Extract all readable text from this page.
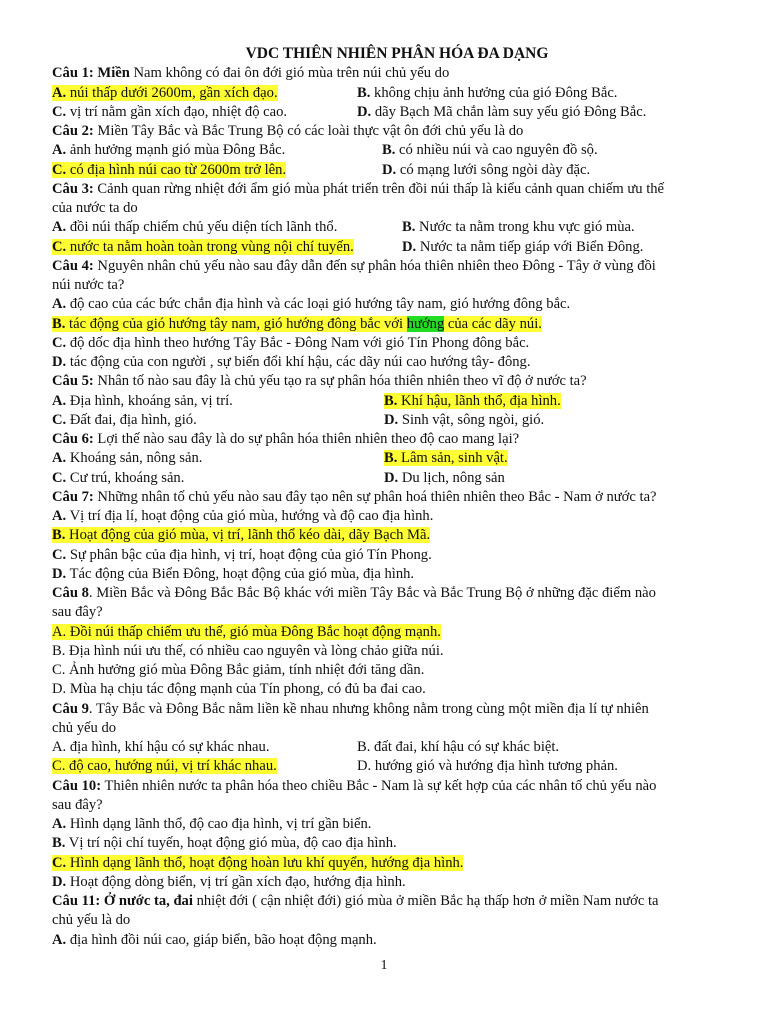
VDC THIÊN NHIÊN PHÂN HÓA ĐA DẠNG
Câu 1: Miền Nam không có đai ôn đới gió mùa trên núi chủ yếu do
A. núi thấp dưới 2600m, gần xích đạo.	B. không chịu ảnh hưởng của gió Đông Bắc.
C. vị trí nằm gần xích đạo, nhiệt độ cao.	D. dãy Bạch Mã chắn làm suy yếu gió Đông Bắc.
Câu 2: Miền Tây Bắc và Bắc Trung Bộ có các loài thực vật ôn đới chủ yếu là do
A. ảnh hưởng mạnh gió mùa Đông Bắc.	B. có nhiều núi và cao nguyên đồ sộ.
C. có địa hình núi cao từ 2600m trở lên.	D. có mạng lưới sông ngòi dày đặc.
Câu 3: Cảnh quan rừng nhiệt đới ẩm gió mùa phát triển trên đồi núi thấp là kiểu cảnh quan chiếm ưu thế
của nước ta do
A. đồi núi thấp chiếm chủ yếu diện tích lãnh thổ.	B. Nước ta nằm trong khu vực gió mùa.
C. nước ta nằm hoàn toàn trong vùng nội chí tuyến.	D. Nước ta nằm tiếp giáp với Biển Đông.
Câu 4: Nguyên nhân chủ yếu nào sau đây dẫn đến sự phân hóa thiên nhiên theo Đông - Tây ở vùng đồi
núi nước ta?
A. độ cao của các bức chắn địa hình và các loại gió hướng tây nam, gió hướng đông bắc.
B. tác động của gió hướng tây nam, gió hướng đông bắc với hướng của các dãy núi.
C. độ dốc địa hình theo hướng Tây Bắc - Đông Nam với gió Tín Phong đông bắc.
D. tác động của con người , sự biến đổi khí hậu, các dãy núi cao hướng tây- đông.
Câu 5: Nhân tố nào sau đây là chủ yếu tạo ra sự phân hóa thiên nhiên theo vĩ độ ở nước ta?
A. Địa hình, khoáng sản, vị trí.	B. Khí hậu, lãnh thổ, địa hình.
C. Đất đai, địa hình, gió.	D. Sinh vật, sông ngòi, gió.
Câu 6: Lợi thế nào sau đây là do sự phân hóa thiên nhiên theo độ cao mang lại?
A. Khoáng sản, nông sản.	B. Lâm sản, sinh vật.
C. Cư trú, khoáng sản.	D. Du lịch, nông sản
Câu 7: Những nhân tố chủ yếu nào sau đây tạo nên sự phân hoá thiên nhiên theo Bắc - Nam ở nước ta?
A. Vị trí địa lí, hoạt động của gió mùa, hướng và độ cao địa hình.
B. Hoạt động của gió mùa, vị trí, lãnh thổ kéo dài, dãy Bạch Mã.
C. Sự phân bậc của địa hình, vị trí, hoạt động của gió Tín Phong.
D. Tác động của Biển Đông, hoạt động của gió mùa, địa hình.
Câu 8. Miền Bắc và Đông Bắc Bắc Bộ khác với miền Tây Bắc và Bắc Trung Bộ ở những đặc điểm nào
sau đây?
A. Đồi núi thấp chiếm ưu thế, gió mùa Đông Bắc hoạt động mạnh.
B. Địa hình núi ưu thế, có nhiều cao nguyên và lòng chảo giữa núi.
C. Ảnh hưởng gió mùa Đông Bắc giảm, tính nhiệt đới tăng dần.
D. Mùa hạ chịu tác động mạnh của Tín phong, có đủ ba đai cao.
Câu 9. Tây Bắc và Đông Bắc nằm liền kề nhau nhưng không nằm trong cùng một miền địa lí tự nhiên
chủ yếu do
A. địa hình, khí hậu có sự khác nhau.	B. đất đai, khí hậu có sự khác biệt.
C. độ cao, hướng núi, vị trí khác nhau.	D. hướng gió và hướng địa hình tương phản.
Câu 10: Thiên nhiên nước ta phân hóa theo chiều Bắc - Nam là sự kết hợp của các nhân tố chủ yếu nào
sau đây?
A. Hình dạng lãnh thổ, độ cao địa hình, vị trí gần biển.
B. Vị trí nội chí tuyến, hoạt động gió mùa, độ cao địa hình.
C. Hình dạng lãnh thổ, hoạt động hoàn lưu khí quyển, hướng địa hình.
D. Hoạt động dòng biển, vị trí gần xích đạo, hướng địa hình.
Câu 11: Ở nước ta, đai nhiệt đới ( cận nhiệt đới) gió mùa ở miền Bắc hạ thấp hơn ở miền Nam nước ta
chủ yếu là do
A. địa hình đồi núi cao, giáp biển, bão hoạt động mạnh.
1
